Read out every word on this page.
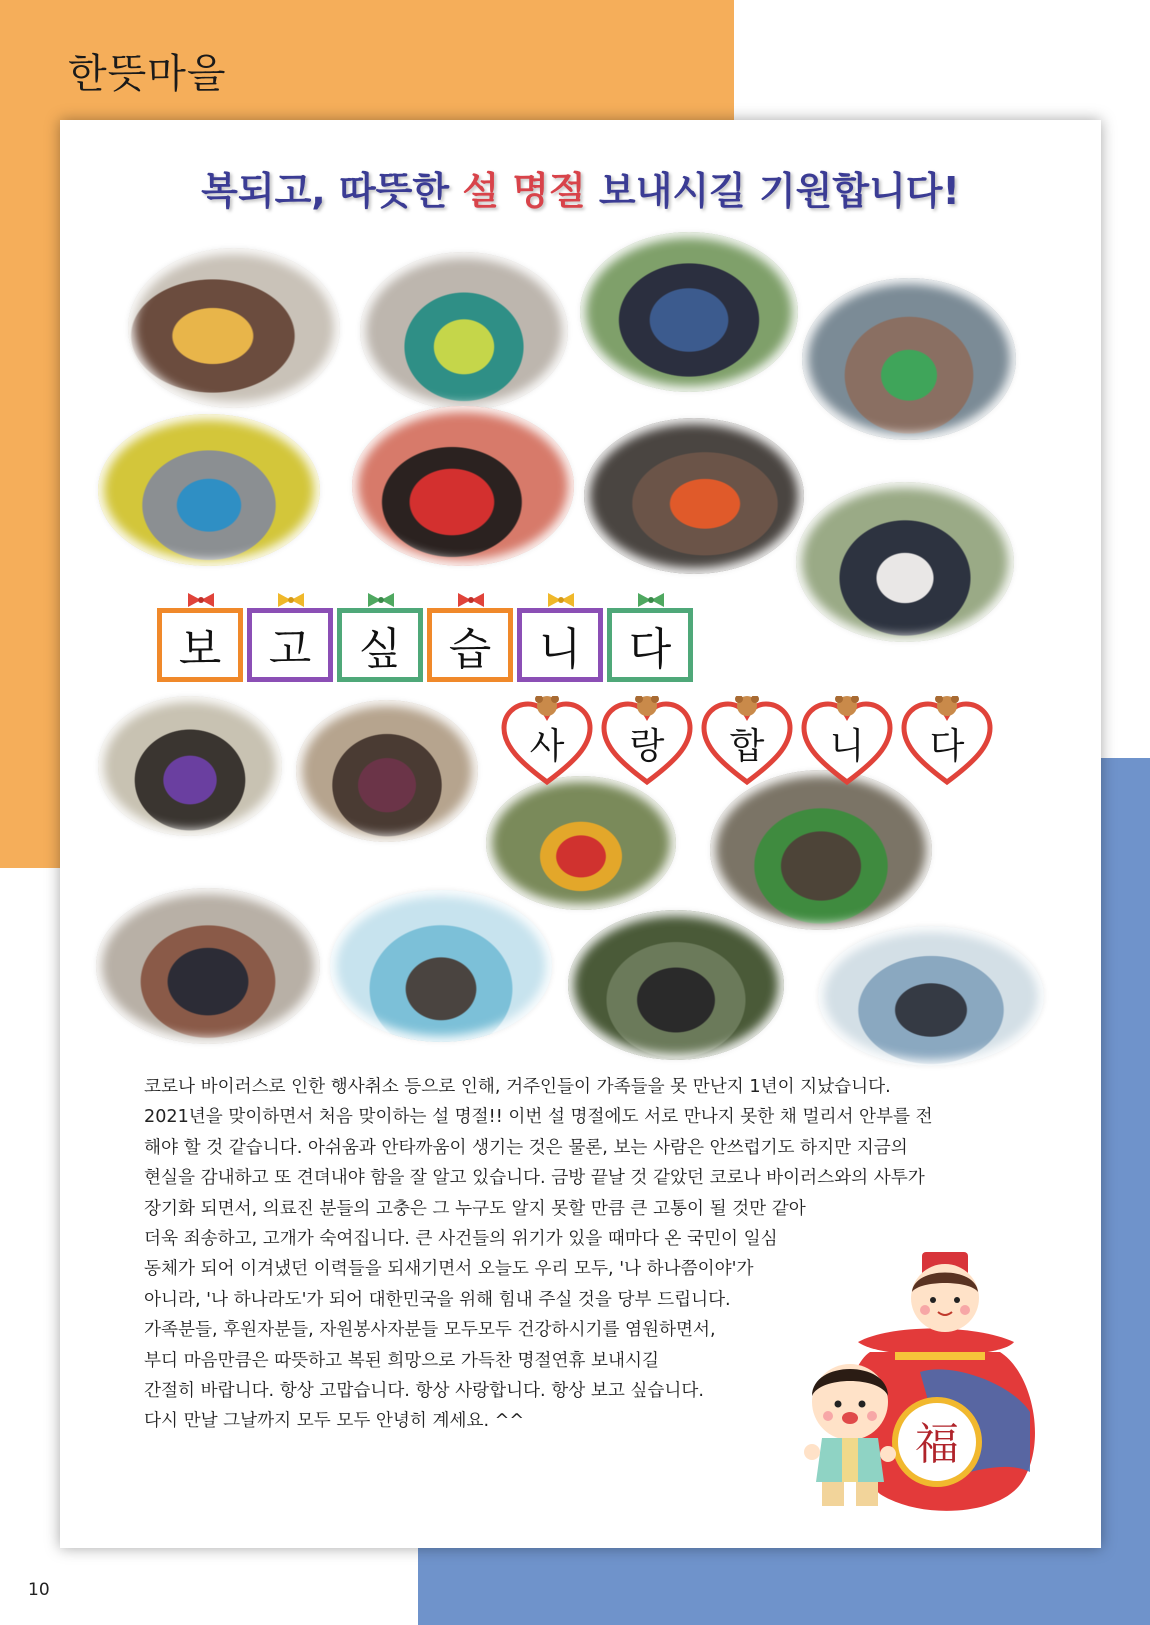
한뜻마을
복되고, 따뜻한 설 명절 보내시길 기원합니다!
보 고 싶 습 니 다
사	랑	합	니	다

코로나 바이러스로 인한 행사취소 등으로 인해, 거주인들이 가족들을 못 만난지 1년이 지났습니다.

2021년을 맞이하면서 처음 맞이하는 설 명절!! 이번 설 명절에도 서로 만나지 못한 채 멀리서 안부를 전

해야 할 것 같습니다. 아쉬움과 안타까움이 생기는 것은 물론, 보는 사람은 안쓰럽기도 하지만 지금의

현실을 감내하고 또 견뎌내야 함을 잘 알고 있습니다. 금방 끝날 것 같았던 코로나 바이러스와의 사투가

장기화 되면서, 의료진 분들의 고충은 그 누구도 알지 못할 만큼 큰 고통이 될 것만 같아

더욱 죄송하고, 고개가 숙여집니다. 큰 사건들의 위기가 있을 때마다 온 국민이 일심

동체가 되어 이겨냈던 이력들을 되새기면서 오늘도 우리 모두, '나 하나쯤이야'가

아니라, '나 하나라도'가 되어 대한민국을 위해 힘내 주실 것을 당부 드립니다.

가족분들, 후원자분들, 자원봉사자분들 모두모두 건강하시기를 염원하면서,

부디 마음만큼은 따뜻하고 복된 희망으로 가득찬 명절연휴 보내시길

간절히 바랍니다. 항상 고맙습니다. 항상 사랑합니다. 항상 보고 싶습니다.

다시 만날 그날까지 모두 모두 안녕히 계세요. ^^	福
10
